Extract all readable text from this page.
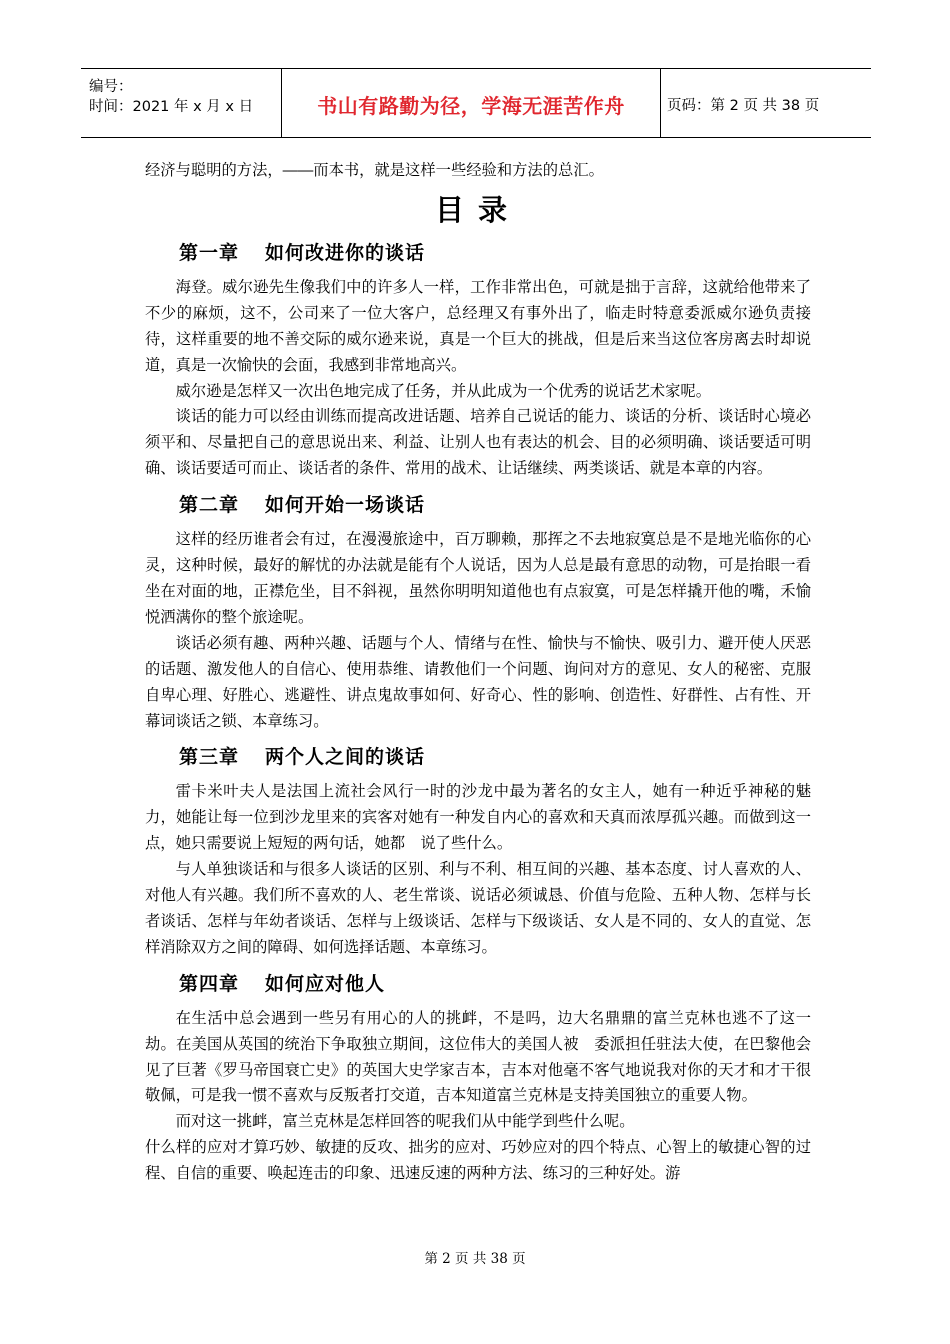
编号：
时间：2021 年 x 月 x 日	书山有路勤为径，学海无涯苦作舟	页码：第 2 页 共 38 页

经济与聪明的方法，――而本书，就是这样一些经验和方法的总汇。

目录
第一章 如何改进你的谈话

海登。威尔逊先生像我们中的许多人一样，工作非常出色，可就是拙于言辞，这就给他带来了不少的麻烦，这不，公司来了一位大客户，总经理又有事外出了，临走时特意委派威尔逊负责接待，这样重要的地不善交际的威尔逊来说，真是一个巨大的挑战，但是后来当这位客房离去时却说道，真是一次愉快的会面，我感到非常地高兴。

威尔逊是怎样又一次出色地完成了任务，并从此成为一个优秀的说话艺术家呢。

谈话的能力可以经由训练而提高改进话题、培养自己说话的能力、谈话的分析、谈话时心境必须平和、尽量把自己的意思说出来、利益、让别人也有表达的机会、目的必须明确、谈话要适可明确、谈话要适可而止、谈话者的条件、常用的战术、让话继续、两类谈话、就是本章的内容。

第二章 如何开始一场谈话

这样的经历谁者会有过，在漫漫旅途中，百万聊赖，那挥之不去地寂寞总是不是地光临你的心灵，这种时候，最好的解忧的办法就是能有个人说话，因为人总是最有意思的动物，可是抬眼一看坐在对面的地，正襟危坐，目不斜视，虽然你明明知道他也有点寂寞，可是怎样撬开他的嘴，禾愉悦洒满你的整个旅途呢。

谈话必须有趣、两种兴趣、话题与个人、情绪与在性、愉快与不愉快、吸引力、避开使人厌恶的话题、激发他人的自信心、使用恭维、请教他们一个问题、询问对方的意见、女人的秘密、克服自卑心理、好胜心、逃避性、讲点鬼故事如何、好奇心、性的影响、创造性、好群性、占有性、开幕词谈话之锁、本章练习。

第三章 两个人之间的谈话

雷卡米叶夫人是法国上流社会风行一时的沙龙中最为著名的女主人，她有一种近乎神秘的魅力，她能让每一位到沙龙里来的宾客对她有一种发自内心的喜欢和天真而浓厚孤兴趣。而做到这一点，她只需要说上短短的两句话，她都　说了些什么。

与人单独谈话和与很多人谈话的区别、利与不利、相互间的兴趣、基本态度、讨人喜欢的人、对他人有兴趣。我们所不喜欢的人、老生常谈、说话必须诚恳、价值与危险、五种人物、怎样与长者谈话、怎样与年幼者谈话、怎样与上级谈话、怎样与下级谈话、女人是不同的、女人的直觉、怎样消除双方之间的障碍、如何选择话题、本章练习。

第四章 如何应对他人

在生活中总会遇到一些另有用心的人的挑衅，不是吗，边大名鼎鼎的富兰克林也逃不了这一劫。在美国从英国的统治下争取独立期间，这位伟大的美国人被　委派担任驻法大使，在巴黎他会见了巨著《罗马帝国衰亡史》的英国大史学家吉本，吉本对他毫不客气地说我对你的天才和才干很敬佩，可是我一惯不喜欢与反叛者打交道，吉本知道富兰克林是支持美国独立的重要人物。

而对这一挑衅，富兰克林是怎样回答的呢我们从中能学到些什么呢。

什么样的应对才算巧妙、敏捷的反攻、拙劣的应对、巧妙应对的四个特点、心智上的敏捷心智的过程、自信的重要、唤起连击的印象、迅速反速的两种方法、练习的三种好处。游

第 2 页 共 38 页
